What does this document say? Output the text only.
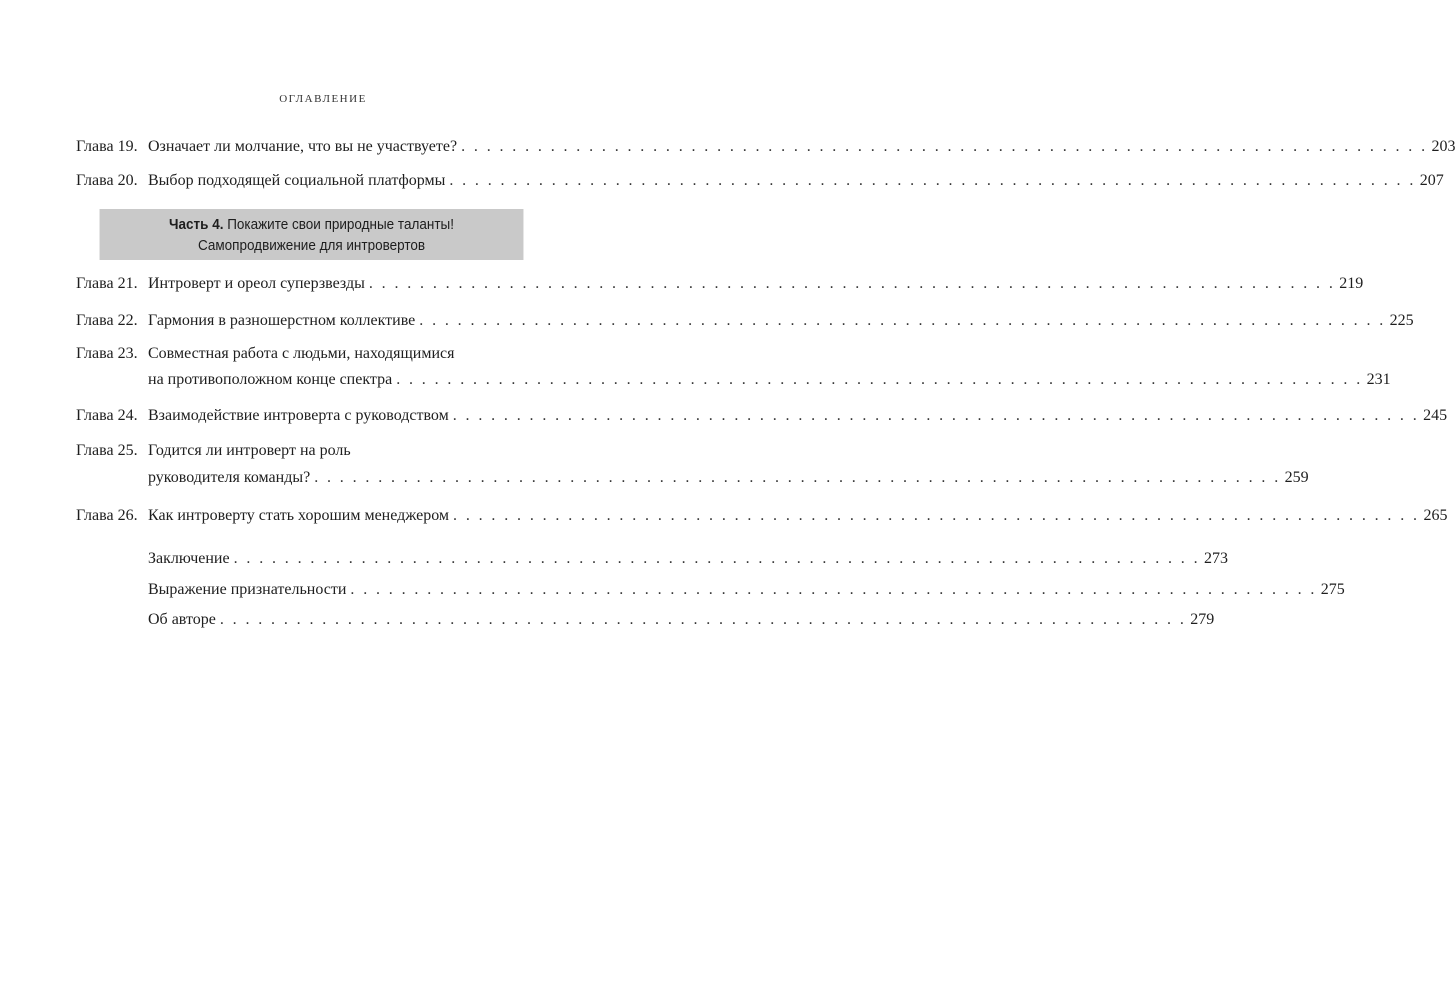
ОГЛАВЛЕНИЕ
Глава 19. Означает ли молчание, что вы не участвуете? . . . . . . . . . . . . . . . . . . . . . . . . . . . . . . . . . . . . . . . . . . . . . . . . . . . . . . . . . . . . . . . . . . . . . . . . . . . . 203
Глава 20. Выбор подходящей социальной платформы . . . . . . . . . . . . . . . . . . . . . . . . . . . . . . . . . . . . . . . . . . . . . . . . . . . . . . . . . . . . . . . . . . . . . . . . . . . . 207
Часть 4. Покажите свои природные таланты!
Самопродвижение для интровертов
Глава 21. Интроверт и ореол суперзвезды . . . . . . . . . . . . . . . . . . . . . . . . . . . . . . . . . . . . . . . . . . . . . . . . . . . . . . . . . . . . . . . . . . . . . . . . . . . . 219
Глава 22. Гармония в разношерстном коллективе . . . . . . . . . . . . . . . . . . . . . . . . . . . . . . . . . . . . . . . . . . . . . . . . . . . . . . . . . . . . . . . . . . . . . . . . . . . . 225
Глава 23. Совместная работа с людьми, находящимися
на противоположном конце спектра . . . . . . . . . . . . . . . . . . . . . . . . . . . . . . . . . . . . . . . . . . . . . . . . . . . . . . . . . . . . . . . . . . . . . . . . . . . . 231
Глава 24. Взаимодействие интроверта с руководством . . . . . . . . . . . . . . . . . . . . . . . . . . . . . . . . . . . . . . . . . . . . . . . . . . . . . . . . . . . . . . . . . . . . . . . . . . . . 245
Глава 25. Годится ли интроверт на роль
руководителя команды? . . . . . . . . . . . . . . . . . . . . . . . . . . . . . . . . . . . . . . . . . . . . . . . . . . . . . . . . . . . . . . . . . . . . . . . . . . . . 259
Глава 26. Как интроверту стать хорошим менеджером . . . . . . . . . . . . . . . . . . . . . . . . . . . . . . . . . . . . . . . . . . . . . . . . . . . . . . . . . . . . . . . . . . . . . . . . . . . . 265
Заключение . . . . . . . . . . . . . . . . . . . . . . . . . . . . . . . . . . . . . . . . . . . . . . . . . . . . . . . . . . . . . . . . . . . . . . . . . . . . 273
Выражение признательности . . . . . . . . . . . . . . . . . . . . . . . . . . . . . . . . . . . . . . . . . . . . . . . . . . . . . . . . . . . . . . . . . . . . . . . . . . . . 275
Об авторе . . . . . . . . . . . . . . . . . . . . . . . . . . . . . . . . . . . . . . . . . . . . . . . . . . . . . . . . . . . . . . . . . . . . . . . . . . . . 279
